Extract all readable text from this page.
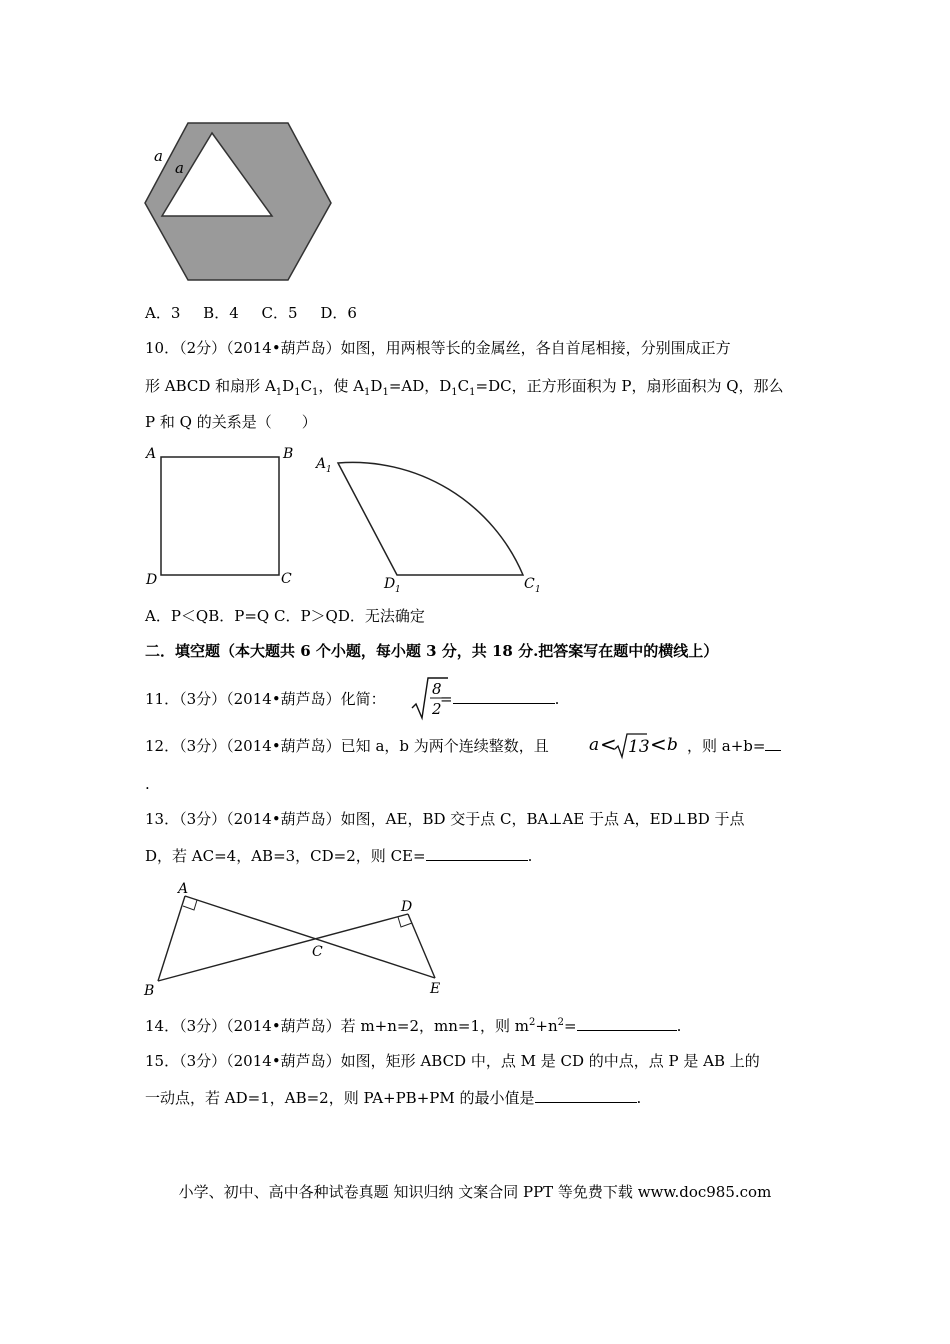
a
a
A．3 B．4 C．5 D．6
10．（2分）（2014•葫芦岛）如图，用两根等长的金属丝，各自首尾相接，分别围成正方
形 ABCD 和扇形 $A_1D_1C_1$，使 $A_1D_1=AD$，$D_1C_1=DC$，正方形面积为 P，扇形面积为 Q，那么
P 和 Q 的关系是（　　）
A	B
D	C
A 1
D 1	C 1
A．P＜QB．P=Q C．P＞QD．无法确定
二．填空题（本大题共 6 个小题，每小题 3 分，共 18 分.把答案写在题中的横线上）
11．（3分）（2014•葫芦岛）化简：
8
2
=	.
12．（3分）（2014•葫芦岛）已知 a，b 为两个连续整数，且 a < 13 < b ，则 a+b=
.
13．（3分）（2014•葫芦岛）如图，AE，BD 交于点 C，BA⊥AE 于点 A，ED⊥BD 于点
D，若 AC=4，AB=3，CD=2，则 CE=	.
A
B
C
D
E
14．（3分）（2014•葫芦岛）若 m+n=2，mn=1，则 $m^2+n^2=$	.
15．（3分）（2014•葫芦岛）如图，矩形 ABCD 中，点 M 是 CD 的中点，点 P 是 AB 上的
一动点，若 AD=1，AB=2，则 PA+PB+PM 的最小值是	.
小学、初中、高中各种试卷真题 知识归纳 文案合同 PPT 等免费下载 www.doc985.com
